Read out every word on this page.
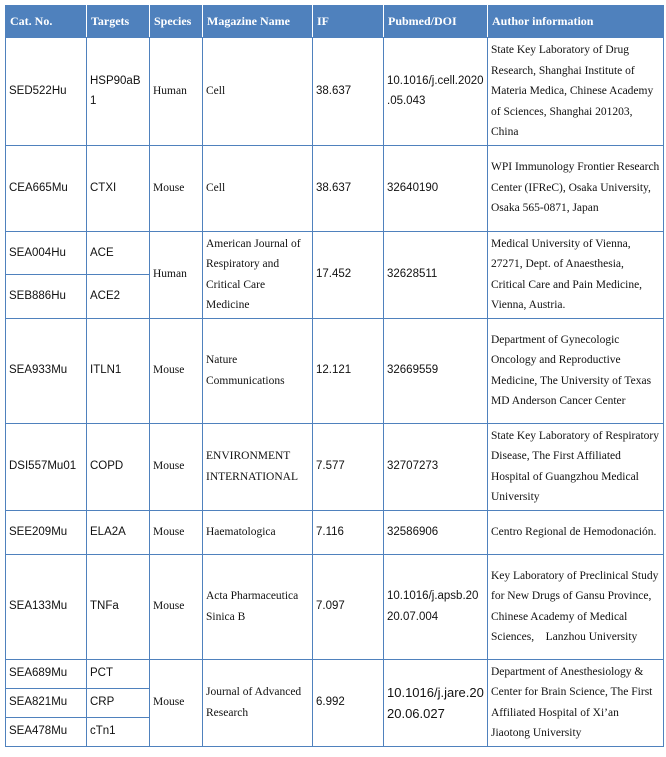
Cat. No.	Targets	Species	Magazine Name	IF	Pubmed/DOI	Author information
SED522Hu	HSP90aB1	Human	Cell	38.637	10.1016/j.cell.2020.05.043	State Key Laboratory of Drug Research, Shanghai Institute of Materia Medica, Chinese Academy of Sciences, Shanghai 201203, China
CEA665Mu	CTXI	Mouse	Cell	38.637	32640190	WPI Immunology Frontier Research Center (IFReC), Osaka University, Osaka 565-0871, Japan
SEA004Hu	ACE	Human	American Journal of Respiratory and Critical Care Medicine	17.452	32628511	Medical University of Vienna, 27271, Dept. of Anaesthesia, Critical Care and Pain Medicine, Vienna, Austria.
SEB886Hu	ACE2					
SEA933Mu	ITLN1	Mouse	Nature Communications	12.121	32669559	Department of Gynecologic Oncology and Reproductive Medicine, The University of Texas MD Anderson Cancer Center
DSI557Mu01	COPD	Mouse	ENVIRONMENT INTERNATIONAL	7.577	32707273	State Key Laboratory of Respiratory Disease, The First Affiliated Hospital of Guangzhou Medical University
SEE209Mu	ELA2A	Mouse	Haematologica	7.116	32586906	Centro Regional de Hemodonación.
SEA133Mu	TNFa	Mouse	Acta Pharmaceutica Sinica B	7.097	10.1016/j.apsb.2020.07.004	Key Laboratory of Preclinical Study for New Drugs of Gansu Province, Chinese Academy of Medical Sciences,　Lanzhou University
SEA689Mu	PCT	Mouse	Journal of Advanced Research	6.992	10.1016/j.jare.2020.06.027	Department of Anesthesiology & Center for Brain Science, The First Affiliated Hospital of Xi’an Jiaotong University
SEA821Mu	CRP					
SEA478Mu	cTn1					
